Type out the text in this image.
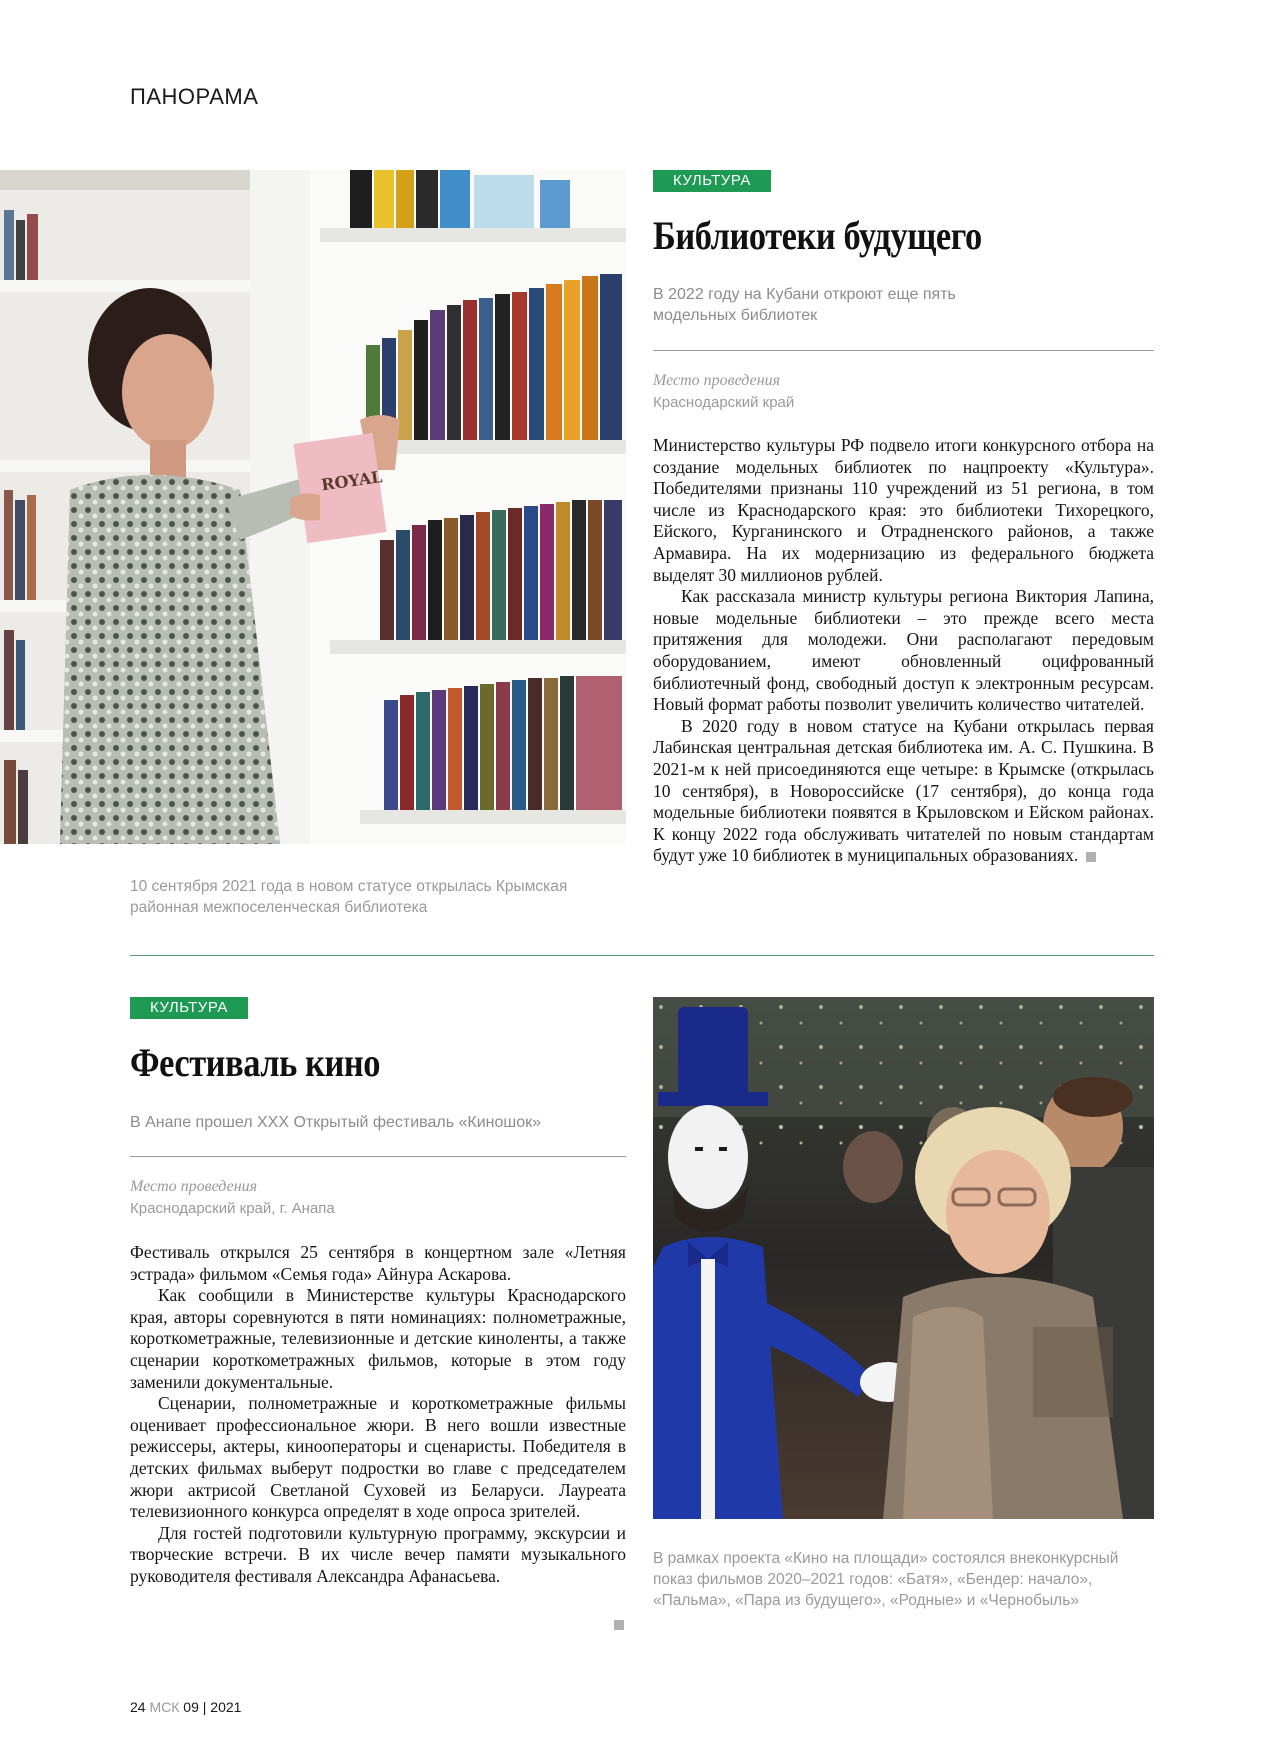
ПАНОРАМА
ROYAL
10 сентября 2021 года в новом статусе открылась Крымская районная межпоселенческая библиотека
КУЛЬТУРА
Библиотеки будущего
В 2022 году на Кубани откроют еще пять модельных библиотек
Место проведения
Краснодарский край

Министерство культуры РФ подвело итоги конкурсного отбора на создание модельных библиотек по нацпроекту «Культура». Победителями признаны 110 учреждений из 51 региона, в том числе из Краснодарского края: это библиотеки Тихорецкого, Ейского, Курганинского и Отрадненского районов, а также Армавира. На их модернизацию из федерального бюджета выделят 30 миллионов рублей.

Как рассказала министр культуры региона Виктория Лапина, новые модельные библиотеки – это прежде всего места притяжения для молодежи. Они располагают передовым оборудованием, имеют обновленный оцифрованный библиотечный фонд, свободный доступ к электронным ресурсам. Новый формат работы позволит увеличить количество читателей.

В 2020 году в новом статусе на Кубани открылась первая Лабинская центральная детская библиотека им. А. С. Пушкина. В 2021-м к ней присоединяются еще четыре: в Крымске (открылась 10 сентября), в Новороссийске (17 сентября), до конца года модельные библиотеки появятся в Крыловском и Ейском районах. К концу 2022 года обслуживать читателей по новым стандартам будут уже 10 библиотек в муниципальных образованиях.

КУЛЬТУРА
Фестиваль кино
В Анапе прошел XXX Открытый фестиваль «Киношок»
Место проведения
Краснодарский край, г. Анапа

Фестиваль открылся 25 сентября в концертном зале «Летняя эстрада» фильмом «Семья года» Айнура Аскарова.

Как сообщили в Министерстве культуры Краснодарского края, авторы соревнуются в пяти номинациях: полнометражные, короткометражные, телевизионные и детские киноленты, а также сценарии короткометражных фильмов, которые в этом году заменили документальные.

Сценарии, полнометражные и короткометражные фильмы оценивает профессиональное жюри. В него вошли известные режиссеры, актеры, кинооператоры и сценаристы. Победителя в детских фильмах выберут подростки во главе с председателем жюри актрисой Светланой Суховей из Беларуси. Лауреата телевизионного конкурса определят в ходе опроса зрителей.

Для гостей подготовили культурную программу, экскурсии и творческие встречи. В их числе вечер памяти музыкального руководителя фестиваля Александра Афанасьева.

В рамках проекта «Кино на площади» состоялся внеконкурсный показ фильмов 2020–2021 годов: «Батя», «Бендер: начало», «Пальма», «Пара из будущего», «Родные» и «Чернобыль»
24 МСК 09 | 2021
